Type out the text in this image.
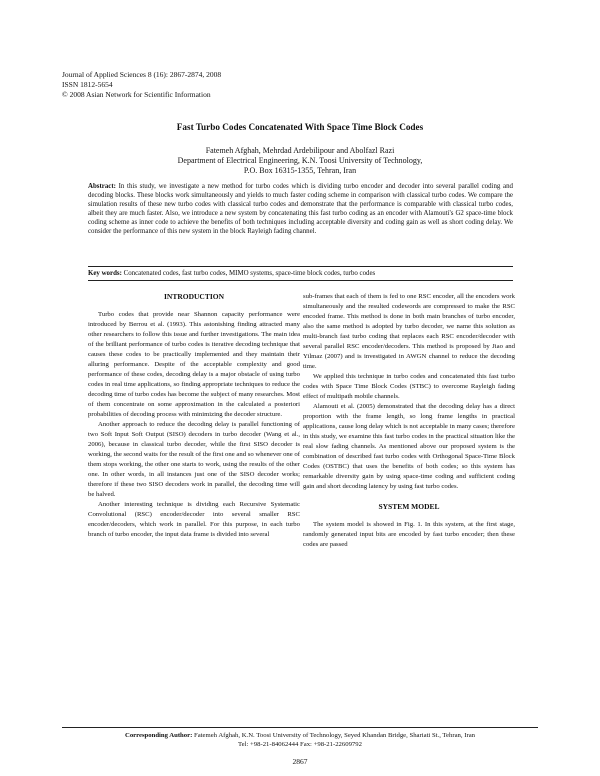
Journal of Applied Sciences 8 (16): 2867-2874, 2008
ISSN 1812-5654
© 2008 Asian Network for Scientific Information
Fast Turbo Codes Concatenated With Space Time Block Codes
Fatemeh Afghah, Mehrdad Ardebilipour and Abolfazl Razi
Department of Electrical Engineering, K.N. Toosi University of Technology,
P.O. Box 16315-1355, Tehran, Iran
Abstract: In this study, we investigate a new method for turbo codes which is dividing turbo encoder and decoder into several parallel coding and decoding blocks. These blocks work simultaneously and yields to much faster coding scheme in comparison with classical turbo codes. We compare the simulation results of these new turbo codes with classical turbo codes and demonstrate that the performance is comparable with classical turbo codes, albeit they are much faster. Also, we introduce a new system by concatenating this fast turbo coding as an encoder with Alamouti's G2 space-time block coding scheme as inner code to achieve the benefits of both techniques including acceptable diversity and coding gain as well as short coding delay. We consider the performance of this new system in the block Rayleigh fading channel.
Key words: Concatenated codes, fast turbo codes, MIMO systems, space-time block codes, turbo codes
INTRODUCTION

Turbo codes that provide near Shannon capacity performance were introduced by Berrou et al. (1993). This astonishing finding attracted many other researchers to follow this issue and further investigations. The main idea of the brilliant performance of turbo codes is iterative decoding technique that causes these codes to be practically implemented and they maintain their alluring performance. Despite of the acceptable complexity and good performance of these codes, decoding delay is a major obstacle of using turbo codes in real time applications, so finding appropriate techniques to reduce the decoding time of turbo codes has become the subject of many researches. Most of them concentrate on some approximation in the calculated a posteriori probabilities of decoding process with minimizing the decoder structure.

Another approach to reduce the decoding delay is parallel functioning of two Soft Input Soft Output (SISO) decoders in turbo decoder (Wang et al., 2006), because in classical turbo decoder, while the first SISO decoder is working, the second waits for the result of the first one and so whenever one of them stops working, the other one starts to work, using the results of the other one. In other words, in all instances just one of the SISO decoder works; therefore if these two SISO decoders work in parallel, the decoding time will be halved.

Another interesting technique is dividing each Recursive Systematic Convolutional (RSC) encoder/decoder into several smaller RSC encoder/decoders, which work in parallel. For this purpose, in each turbo branch of turbo encoder, the input data frame is divided into several

sub-frames that each of them is fed to one RSC encoder, all the encoders work simultaneously and the resulted codewords are compressed to make the RSC encoded frame. This method is done in both main branches of turbo encoder, also the same method is adopted by turbo decoder, we name this solution as multi-branch fast turbo coding that replaces each RSC encoder/decoder with several parallel RSC encoder/decoders. This method is proposed by Jiao and Yilmaz (2007) and is investigated in AWGN channel to reduce the decoding time.

We applied this technique in turbo codes and concatenated this fast turbo codes with Space Time Block Codes (STBC) to overcome Rayleigh fading effect of multipath mobile channels.

Alamouti et al. (2005) demonstrated that the decoding delay has a direct proportion with the frame length, so long frame lengths in practical applications, cause long delay which is not acceptable in many cases; therefore in this study, we examine this fast turbo codes in the practical situation like the real slow fading channels. As mentioned above our proposed system is the combination of described fast turbo codes with Orthogonal Space-Time Block Codes (OSTBC) that uses the benefits of both codes; so this system has remarkable diversity gain by using space-time coding and sufficient coding gain and short decoding latency by using fast turbo codes.

SYSTEM MODEL

The system model is showed in Fig. 1. In this system, at the first stage, randomly generated input bits are encoded by fast turbo encoder; then these codes are passed

Corresponding Author: Fatemeh Afghah, K.N. Toosi University of Technology, Seyed Khandan Bridge, Shariati St., Tehran, Iran
Tel: +98-21-84062444 Fax: +98-21-22609792
2867
